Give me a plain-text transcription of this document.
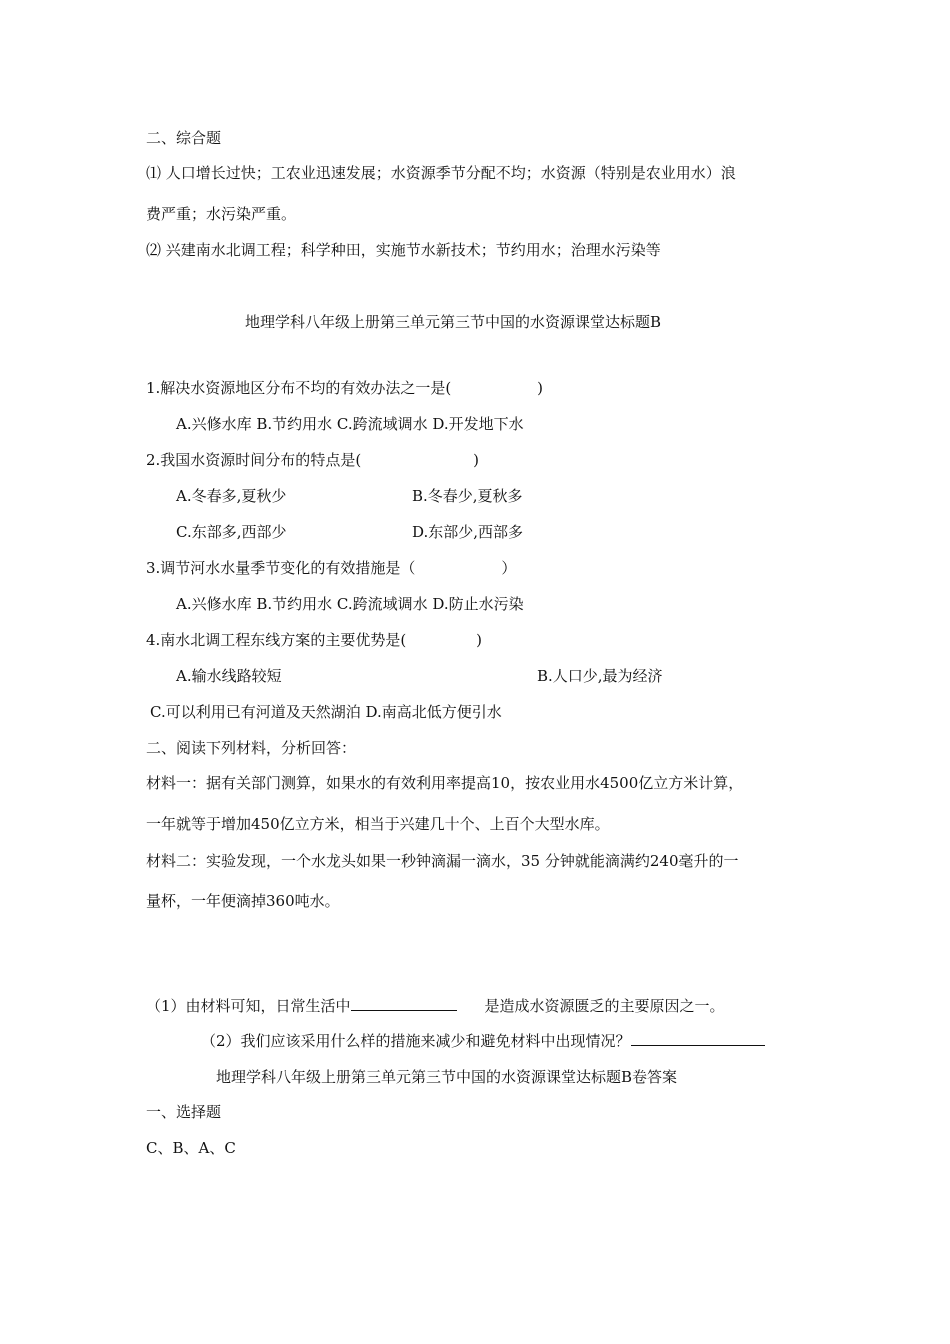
二、综合题
⑴ 人口增长过快；工农业迅速发展；水资源季节分配不均；水资源（特别是农业用水）浪
费严重；水污染严重。
⑵ 兴建南水北调工程；科学种田，实施节水新技术；节约用水；治理水污染等
地理学科八年级上册第三单元第三节中国的水资源课堂达标题B
1.解决水资源地区分布不均的有效办法之一是(	)
A.兴修水库 B.节约用水 C.跨流域调水 D.开发地下水
2.我国水资源时间分布的特点是(	)
A.冬春多,夏秋少	B.冬春少,夏秋多
C.东部多,西部少	D.东部少,西部多
3.调节河水水量季节变化的有效措施是（	）
A.兴修水库 B.节约用水 C.跨流域调水 D.防止水污染
4.南水北调工程东线方案的主要优势是(	)
A.输水线路较短	B.人口少,最为经济
C.可以利用已有河道及天然湖泊 D.南高北低方便引水
二、阅读下列材料，分析回答：
材料一：据有关部门测算，如果水的有效利用率提高10，按农业用水4500亿立方米计算，
一年就等于增加450亿立方米，相当于兴建几十个、上百个大型水库。
材料二：实验发现，一个水龙头如果一秒钟滴漏一滴水，35 分钟就能滴满约240毫升的一
量杯，一年便滴掉360吨水。
（1）由材料可知，日常生活中	是造成水资源匮乏的主要原因之一。
（2）我们应该采用什么样的措施来减少和避免材料中出现情况？
地理学科八年级上册第三单元第三节中国的水资源课堂达标题B卷答案
一、选择题
C、B、A、C
